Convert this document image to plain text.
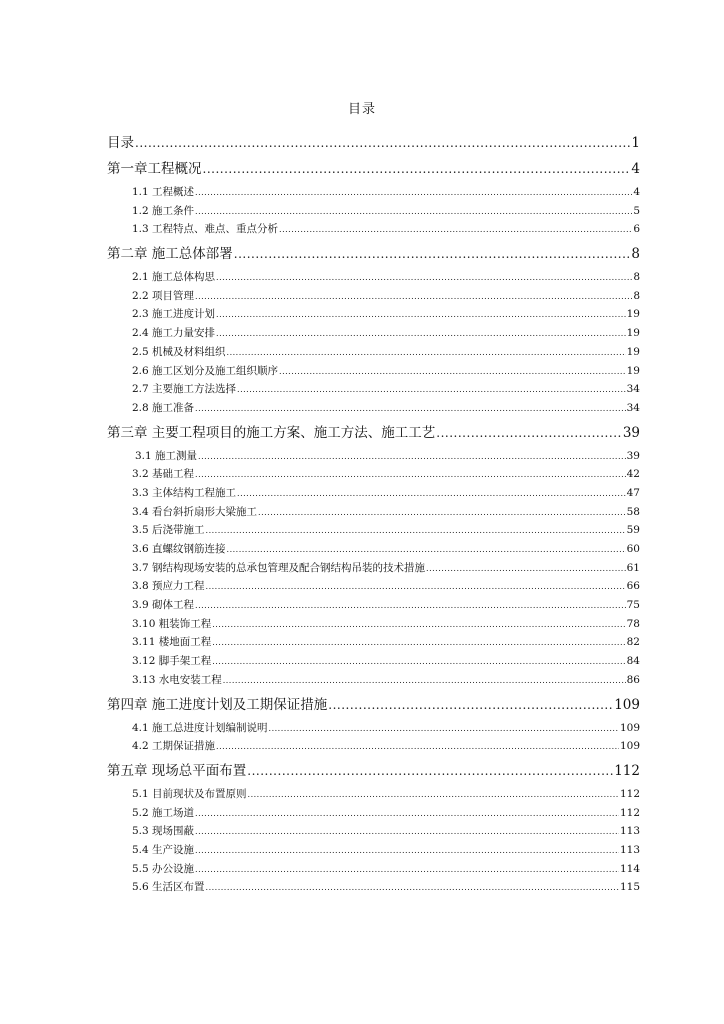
目录
目录 .....	1
第一章工程概况 .....	4
1.1 工程概述 .....	4
1.2 施工条件 .....	5
1.3 工程特点、难点、重点分析 .....	6
第二章 施工总体部署 .....	8
2.1 施工总体构思 .....	8
2.2 项目管理 .....	8
2.3 施工进度计划 .....	19
2.4 施工力量安排 .....	19
2.5 机械及材料组织 .....	19
2.6 施工区划分及施工组织顺序 .....	19
2.7 主要施工方法选择 .....	34
2.8 施工准备 .....	34
第三章 主要工程项目的施工方案、施工方法、施工工艺 .....	39
3.1 施工测量 .....	39
3.2 基础工程 .....	42
3.3 主体结构工程施工 .....	47
3.4 看台斜折扇形大梁施工 .....	58
3.5 后浇带施工 .....	59
3.6 直螺纹钢筋连接 .....	60
3.7 钢结构现场安装的总承包管理及配合钢结构吊装的技术措施 .....	61
3.8 预应力工程 .....	66
3.9 砌体工程 .....	75
3.10 粗装饰工程 .....	78
3.11 楼地面工程 .....	82
3.12 脚手架工程 .....	84
3.13 水电安装工程 .....	86
第四章 施工进度计划及工期保证措施 .....	109
4.1 施工总进度计划编制说明 .....	109
4.2 工期保证措施 .....	109
第五章 现场总平面布置 .....	112
5.1 目前现状及布置原则 .....	112
5.2 施工场道 .....	112
5.3 现场围蔽 .....	113
5.4 生产设施 .....	113
5.5 办公设施 .....	114
5.6 生活区布置 .....	115
